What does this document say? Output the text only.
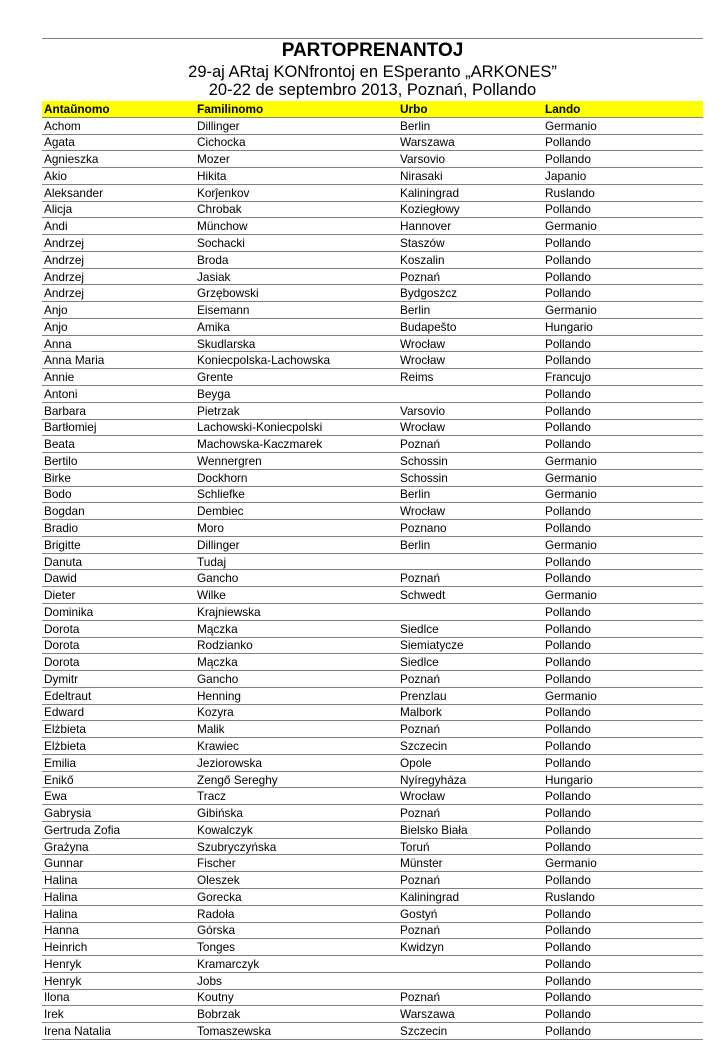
PARTOPRENANTOJ
29-aj ARtaj KONfrontoj en ESperanto „ARKONES”
20-22 de septembro 2013, Poznań, Pollando
Antaŭnomo	Familinomo	Urbo	Lando
Achom	Dillinger	Berlin	Germanio
Agata	Cichocka	Warszawa	Pollando
Agnieszka	Mozer	Varsovio	Pollando
Akio	Hikita	Nirasaki	Japanio
Aleksander	Korĵenkov	Kaliningrad	Ruslando
Alicja	Chrobak	Koziegłowy	Pollando
Andi	Münchow	Hannover	Germanio
Andrzej	Sochacki	Staszów	Pollando
Andrzej	Broda	Koszalin	Pollando
Andrzej	Jasiak	Poznań	Pollando
Andrzej	Grzębowski	Bydgoszcz	Pollando
Anjo	Eisemann	Berlin	Germanio
Anjo	Amika	Budapešto	Hungario
Anna	Skudlarska	Wrocław	Pollando
Anna Maria	Koniecpolska-Lachowska	Wrocław	Pollando
Annie	Grente	Reims	Francujo
Antoni	Beyga		Pollando
Barbara	Pietrzak	Varsovio	Pollando
Bartłomiej	Lachowski-Koniecpolski	Wrocław	Pollando
Beata	Machowska-Kaczmarek	Poznań	Pollando
Bertilo	Wennergren	Schossin	Germanio
Birke	Dockhorn	Schossin	Germanio
Bodo	Schliefke	Berlin	Germanio
Bogdan	Dembiec	Wrocław	Pollando
Bradio	Moro	Poznano	Pollando
Brigitte	Dillinger	Berlin	Germanio
Danuta	Tudaj		Pollando
Dawid	Gancho	Poznań	Pollando
Dieter	Wilke	Schwedt	Germanio
Dominika	Krajniewska		Pollando
Dorota	Mączka	Siedlce	Pollando
Dorota	Rodzianko	Siemiatycze	Pollando
Dorota	Mączka	Siedlce	Pollando
Dymitr	Gancho	Poznań	Pollando
Edeltraut	Henning	Prenzlau	Germanio
Edward	Kozyra	Malbork	Pollando
Elżbieta	Malik	Poznań	Pollando
Elżbieta	Krawiec	Szczecin	Pollando
Emilia	Jeziorowska	Opole	Pollando
Enikő	Zengő Sereghy	Nyíregyháza	Hungario
Ewa	Tracz	Wrocław	Pollando
Gabrysia	Gibińska	Poznań	Pollando
Gertruda Zofia	Kowalczyk	Bielsko Biała	Pollando
Grażyna	Szubryczyńska	Toruń	Pollando
Gunnar	Fischer	Münster	Germanio
Halina	Oleszek	Poznań	Pollando
Halina	Gorecka	Kaliningrad	Ruslando
Halina	Radoła	Gostyń	Pollando
Hanna	Górska	Poznań	Pollando
Heinrich	Tonges	Kwidzyn	Pollando
Henryk	Kramarczyk		Pollando
Henryk	Jobs		Pollando
Ilona	Koutny	Poznań	Pollando
Irek	Bobrzak	Warszawa	Pollando
Irena Natalia	Tomaszewska	Szczecin	Pollando
